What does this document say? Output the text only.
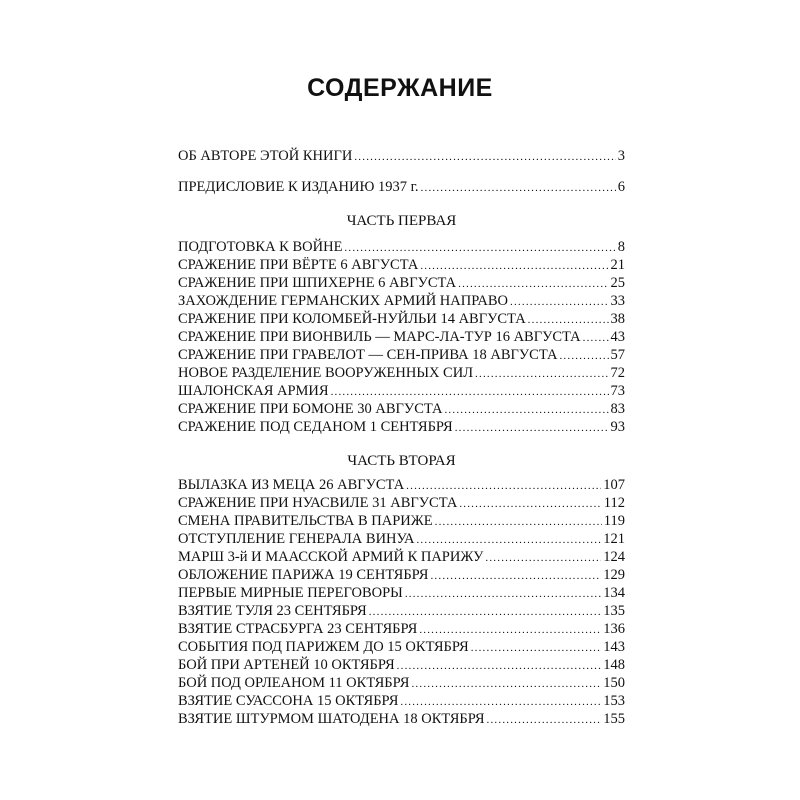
СОДЕРЖАНИЕ
ОБ АВТОРЕ ЭТОЙ КНИГИ .....	3
ПРЕДИСЛОВИЕ К ИЗДАНИЮ 1937 г. .....	6
ЧАСТЬ ПЕРВАЯ
ПОДГОТОВКА К ВОЙНЕ .....	8
СРАЖЕНИЕ ПРИ ВЁРТЕ 6 АВГУСТА .....	21
СРАЖЕНИЕ ПРИ ШПИХЕРНЕ 6 АВГУСТА .....	25
ЗАХОЖДЕНИЕ ГЕРМАНСКИХ АРМИЙ НАПРАВО .....	33
СРАЖЕНИЕ ПРИ КОЛОМБЕЙ-НУЙЛЬИ 14 АВГУСТА .....	38
СРАЖЕНИЕ ПРИ ВИОНВИЛЬ — МАРС-ЛА-ТУР 16 АВГУСТА ..... 43
СРАЖЕНИЕ ПРИ ГРАВЕЛОТ — СЕН-ПРИВА 18 АВГУСТА .....	57
НОВОЕ РАЗДЕЛЕНИЕ ВООРУЖЕННЫХ СИЛ .....	72
ШАЛОНСКАЯ АРМИЯ .....	73
СРАЖЕНИЕ ПРИ БОМОНЕ 30 АВГУСТА .....	83
СРАЖЕНИЕ ПОД СЕДАНОМ 1 СЕНТЯБРЯ .....	93
ЧАСТЬ ВТОРАЯ
ВЫЛАЗКА ИЗ МЕЦА 26 АВГУСТА .....	107
СРАЖЕНИЕ ПРИ НУАСВИЛЕ 31 АВГУСТА .....	112
СМЕНА ПРАВИТЕЛЬСТВА В ПАРИЖЕ .....	119
ОТСТУПЛЕНИЕ ГЕНЕРАЛА ВИНУА .....	121
МАРШ 3-й И МААССКОЙ АРМИЙ К ПАРИЖУ .....	124
ОБЛОЖЕНИЕ ПАРИЖА 19 СЕНТЯБРЯ .....	129
ПЕРВЫЕ МИРНЫЕ ПЕРЕГОВОРЫ .....	134
ВЗЯТИЕ ТУЛЯ 23 СЕНТЯБРЯ .....	135
ВЗЯТИЕ СТРАСБУРГА 23 СЕНТЯБРЯ .....	136
СОБЫТИЯ ПОД ПАРИЖЕМ ДО 15 ОКТЯБРЯ .....	143
БОЙ ПРИ АРТЕНЕЙ 10 ОКТЯБРЯ .....	148
БОЙ ПОД ОРЛЕАНОМ 11 ОКТЯБРЯ .....	150
ВЗЯТИЕ СУАССОНА 15 ОКТЯБРЯ .....	153
ВЗЯТИЕ ШТУРМОМ ШАТОДЕНА 18 ОКТЯБРЯ .....	155
